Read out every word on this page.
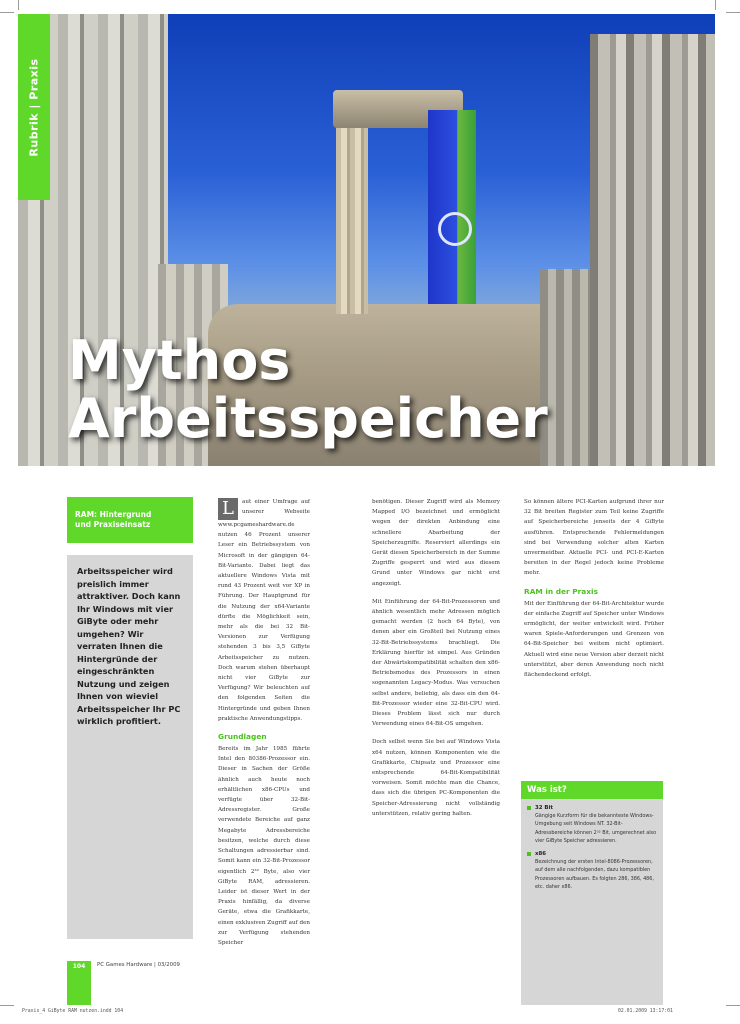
Mythos
Arbeitsspeicher
Rubrik | Praxis
RAM: Hintergrund
und Praxiseinsatz

Arbeitsspeicher wird preislich immer attraktiver. Doch kann Ihr Windows mit vier GiByte oder mehr umgehen? Wir verraten Ihnen die Hintergründe der eingeschränkten Nutzung und zeigen Ihnen von wieviel Arbeitsspeicher Ihr PC wirklich profitiert.

L	aut einer Umfrage auf unserer Webseite www.pcgameshardware.de nutzen 46 Prozent unserer Leser ein Betriebssystem von Microsoft in der gängigen 64-Bit-Variante. Dabei liegt das aktuellere Windows Vista mit rund 43 Prozent weit vor XP in Führung. Der Hauptgrund für die Nutzung der x64-Variante dürfte die Möglichkeit sein, mehr als die bei 32 Bit-Versionen zur Verfügung stehenden 3 bis 3,5 GiByte Arbeitsspeicher zu nutzen. Doch warum stehen überhaupt nicht vier GiByte zur Verfügung? Wir beleuchten auf den folgenden Seiten die Hintergründe und geben Ihnen praktische Anwendungstipps.

Grundlagen

Bereits im Jahr 1985 führte Intel den 80386-Prozessor ein. Dieser in Sachen der Größe ähnlich auch heute noch erhältlichen x86-CPUs und verfügte über 32-Bit-Adressregister. Große verwendete Bereiche auf ganz Megabyte Adressbereiche besitzen, welche durch diese Schaltungen adressierbar sind. Somit kann ein 32-Bit-Prozessor eigentlich 2³² Byte, also vier GiByte RAM, adressieren. Leider ist dieser Wert in der Praxis hinfällig, da diverse Geräte, etwa die Grafikkarte, einen exklusiven Zugriff auf den zur Verfügung stehenden Speicher

benötigen. Dieser Zugriff wird als Memory Mapped I/O bezeichnet und ermöglicht wegen der direkten Anbindung eine schnellere Abarbeitung der Speicherzugriffe. Reserviert allerdings ein Gerät diesen Speicherbereich in der Summe Zugriffe gesperrt und wird aus diesem Grund unter Windows gar nicht erst angezeigt.

Mit Einführung der 64-Bit-Prozessoren und ähnlich wesentlich mehr Adressen möglich gemacht werden (2 hoch 64 Byte), von denen aber ein Großteil bei Nutzung eines 32-Bit-Betriebssystems brachliegt. Die Erklärung hierfür ist simpel. Aus Gründen der Abwärtskompatibilität schalten den x86-Betriebsmodus des Prozessors in einen sogenannten Legacy-Modus. Was versuchen selbst andere, beliebig, als dass ein den 64-Bit-Prozessor wieder eine 32-Bit-CPU wird. Dieses Problem lässt sich nur durch Verwendung eines 64-Bit-OS umgehen.

Doch selbst wenn Sie bei auf Windows Vista x64 nutzen, können Komponenten wie die Grafikkarte, Chipsatz und Prozessor eine entsprechende 64-Bit-Kompatibilität vorweisen. Somit möchte man die Chance, dass sich die übrigen PC-Komponenten die Speicher-Adressierung nicht vollständig unterstützen, relativ gering halten.

So können ältere PCI-Karten aufgrund ihrer nur 32 Bit breiten Register zum Teil keine Zugriffe auf Speicherbereiche jenseits der 4 GiByte ausführen. Entsprechende Fehlermeldungen sind bei Verwendung solcher alten Karten unvermeidbar. Aktuelle PCI- und PCI-E-Karten bereiten in der Regel jedoch keine Probleme mehr.

RAM in der Praxis

Mit der Einführung der 64-Bit-Architektur wurde der einfache Zugriff auf Speicher unter Windows ermöglicht, der weiter entwickelt wird. Früher waren Spiele-Anforderungen und Grenzen von 64-Bit-Speicher bei weitem nicht optimiert. Aktuell wird eine neue Version aber derzeit nicht unterstützt, aber deren Anwendung noch nicht flächendeckend erfolgt.

Was ist?
32 Bit
Gängige Kurzform für die bekannteste Windows-Umgebung seit Windows NT. 32-Bit-Adressbereiche können 2³² Bit, umgerechnet also vier GiByte Speicher adressieren.
x86
Bezeichnung der ersten Intel-8086-Prozessoren, auf dem alle nachfolgenden, dazu kompatiblen Prozessoren aufbauen. Es folgten 286, 386, 486, etc. daher x86.
104	PC Games Hardware | 03/2009
Praxis_4 GiByte RAM nutzen.indd 104	02.01.2009 13:17:01
